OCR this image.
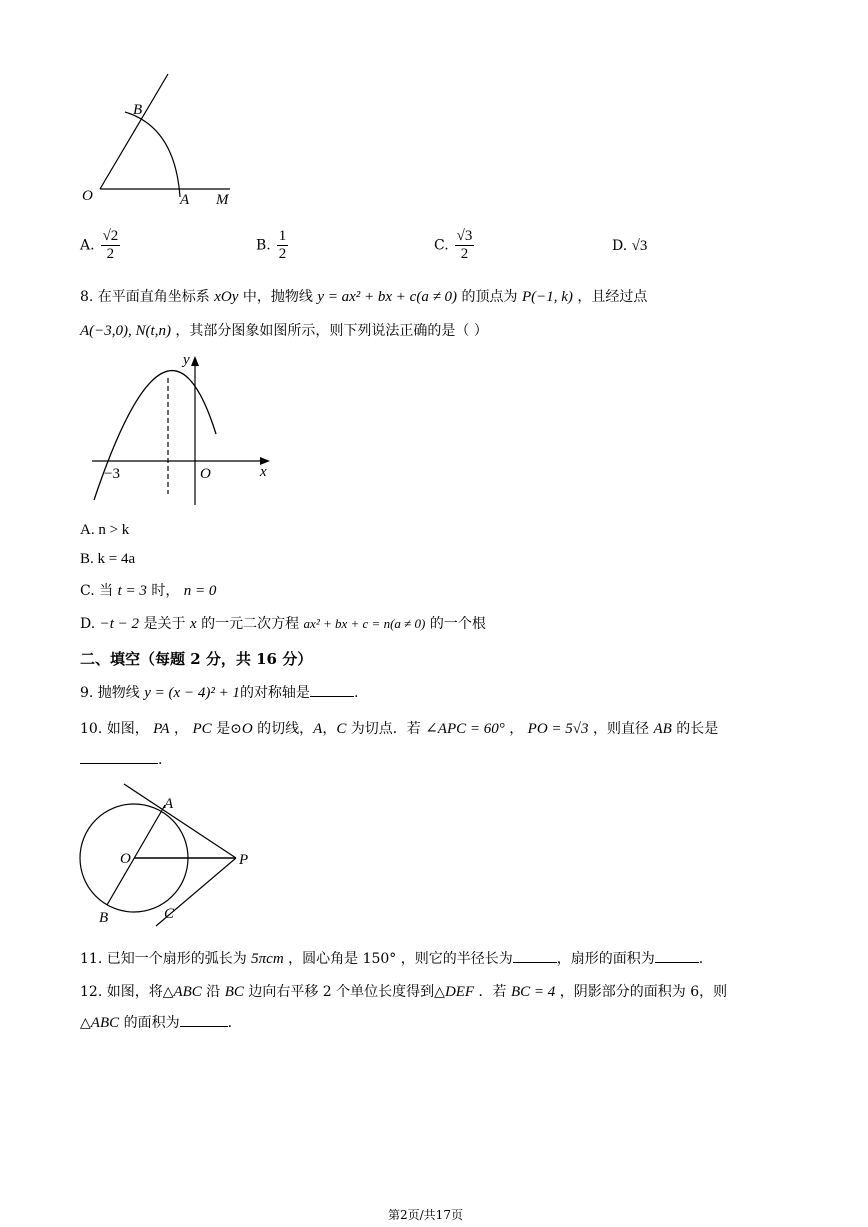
O	A M
B
A. $\frac{√2}{2}$	B. $\frac{1}{2}$	C. $\frac{√3}{2}$	D. √3
8. 在平面直角坐标系 xOy 中，抛物线 y = ax² + bx + c(a ≠ 0) 的顶点为 P(−1, k) ，且经过点
A(−3,0), N(t,n) ，其部分图象如图所示，则下列说法正确的是（ ）
y
x
O
−3
A. n > k
B. k = 4a
C. 当 t = 3 时， n = 0
D. −t − 2 是关于 x 的一元二次方程 ax² + bx + c = n(a ≠ 0) 的一个根
二、填空（每题 2 分，共 16 分）
9. 抛物线 y = (x − 4)² + 1的对称轴是	.
10. 如图， PA ， PC 是⊙O 的切线，A，C 为切点．若 ∠APC = 60° ， PO = 5√3 ，则直径 AB 的长是
.
A
O	P
B	C
11. 已知一个扇形的弧长为 5πcm ，圆心角是 150° ，则它的半径长为	，扇形的面积为	.
12. 如图，将△ABC 沿 BC 边向右平移 2 个单位长度得到△DEF ．若 BC = 4 ，阴影部分的面积为 6，则
△ABC 的面积为	.
第2页/共17页
